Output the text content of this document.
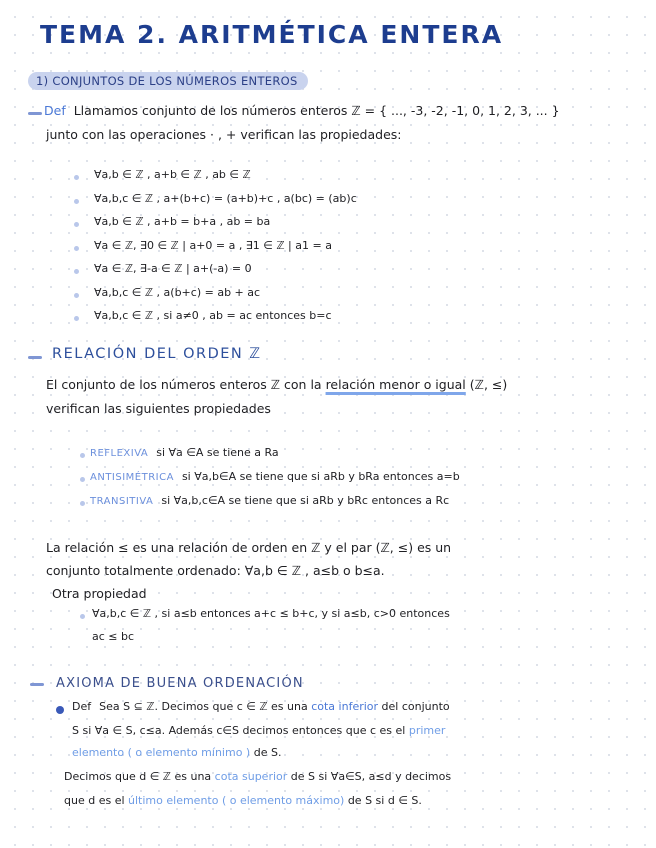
TEMA 2. ARITMÉTICA ENTERA
1) CONJUNTOS DE LOS NÚMEROS ENTEROS
Def Llamamos conjunto de los números enteros ℤ = { ..., -3, -2, -1, 0, 1, 2, 3, ... }
junto con las operaciones · , + verifican las propiedades:
∀a,b ∈ ℤ , a+b ∈ ℤ , ab ∈ ℤ
∀a,b,c ∈ ℤ , a+(b+c) = (a+b)+c , a(bc) = (ab)c
∀a,b ∈ ℤ , a+b = b+a , ab = ba
∀a ∈ ℤ, ∃0 ∈ ℤ | a+0 = a , ∃1 ∈ ℤ | a1 = a
∀a ∈ ℤ, ∃-a ∈ ℤ | a+(-a) = 0
∀a,b,c ∈ ℤ , a(b+c) = ab + ac
∀a,b,c ∈ ℤ , si a≠0 , ab = ac entonces b=c
RELACIÓN DEL ORDEN ℤ
El conjunto de los números enteros ℤ con la relación menor o igual (ℤ, ≤)
verifican las siguientes propiedades
REFLEXIVA si ∀a ∈A se tiene a Ra
ANTISIMÉTRICA si ∀a,b∈A se tiene que si aRb y bRa entonces a=b
TRANSITIVA si ∀a,b,c∈A se tiene que si aRb y bRc entonces a Rc
La relación ≤ es una relación de orden en ℤ y el par (ℤ, ≤) es un
conjunto totalmente ordenado: ∀a,b ∈ ℤ , a≤b o b≤a.
Otra propiedad
∀a,b,c ∈ ℤ , si a≤b entonces a+c ≤ b+c, y si a≤b, c>0 entonces
ac ≤ bc
AXIOMA DE BUENA ORDENACIÓN
Def Sea S ⊆ ℤ. Decimos que c ∈ ℤ es una cota inferior del conjunto
S si ∀a ∈ S, c≤a. Además c∈S decimos entonces que c es el primer
elemento ( o elemento mínimo ) de S.
Decimos que d ∈ ℤ es una cota superior de S si ∀a∈S, a≤d y decimos
que d es el último elemento ( o elemento máximo) de S si d ∈ S.
